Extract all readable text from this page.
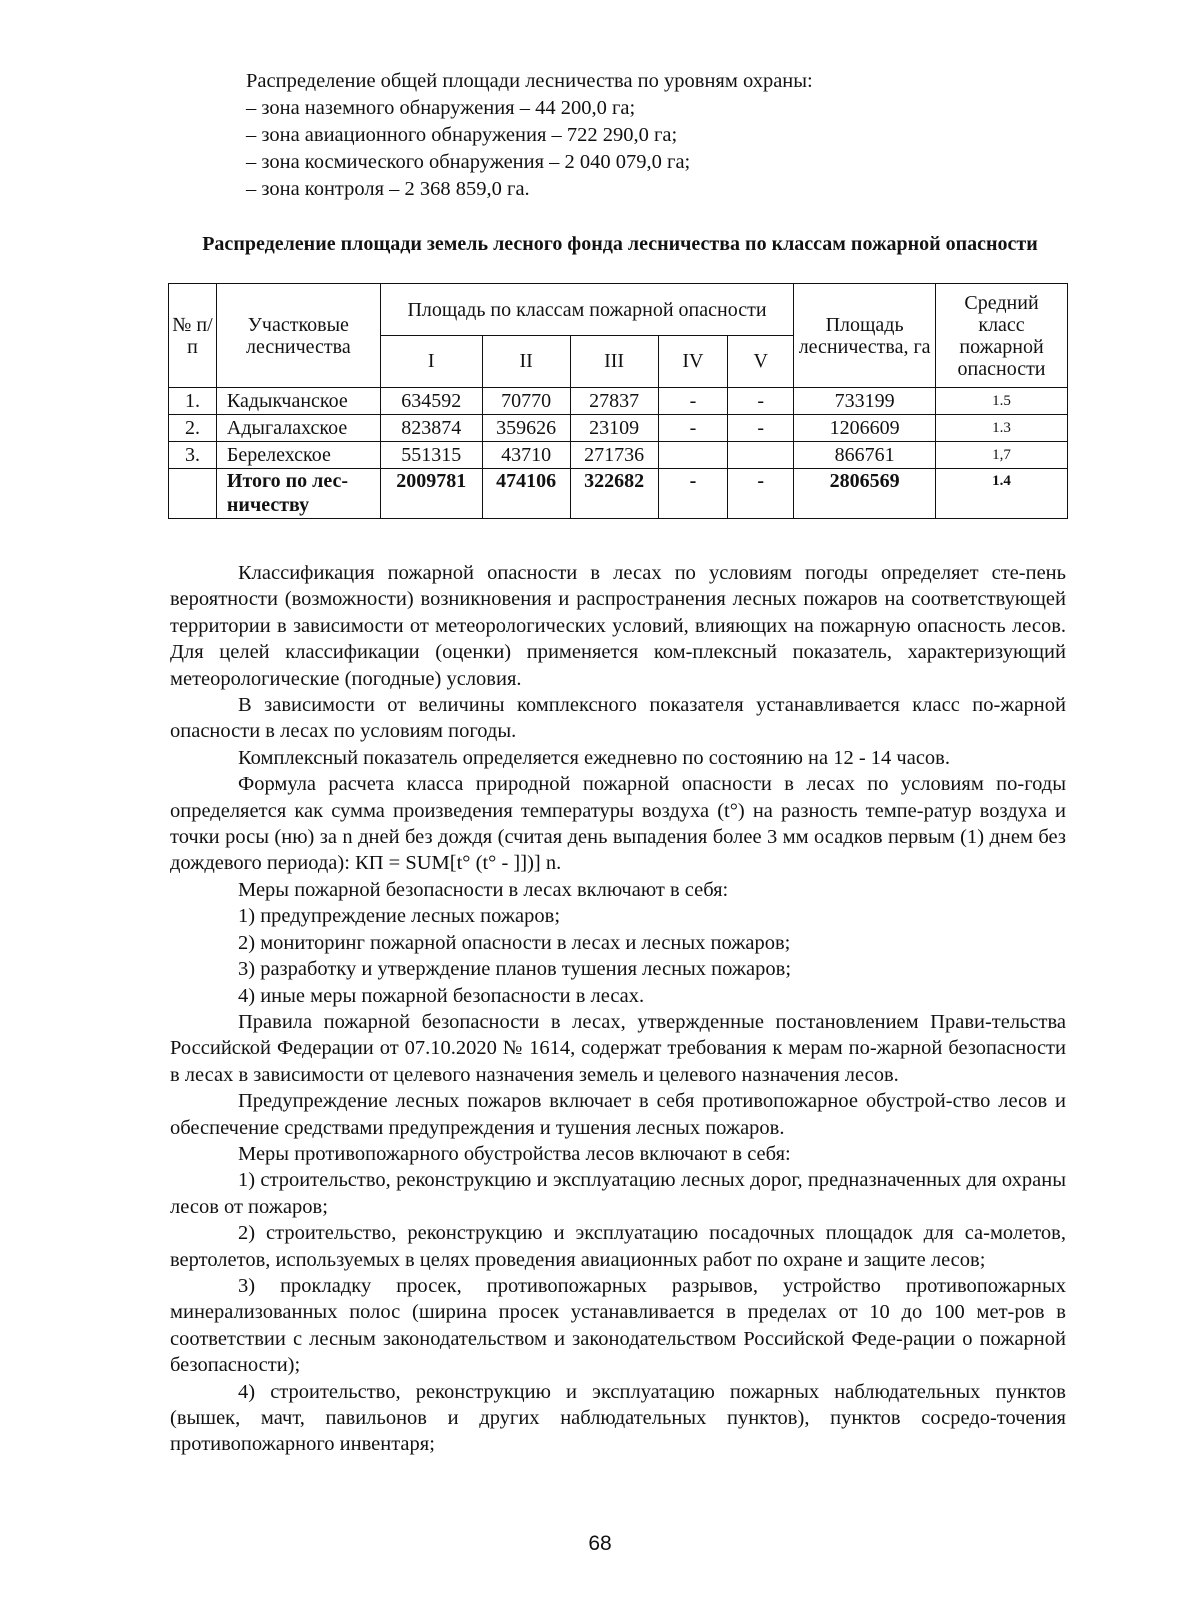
Распределение общей площади лесничества по уровням охраны:
– зона наземного обнаружения – 44 200,0 га;
– зона авиационного обнаружения – 722 290,0 га;
– зона космического обнаружения – 2 040 079,0 га;
– зона контроля – 2 368 859,0 га.
Распределение площади земель лесного фонда лесничества по классам пожарной опасности
№ п/п	Участковые лесничества	Площадь по классам пожарной опасности					Площадь лесничества, га	Средний класс пожарной опасности
		I	II	III	IV	V		
1.	Кадыкчанское	634592	70770	27837	-	-	733199	1.5
2.	Адыгалахское	823874	359626	23109	-	-	1206609	1.3
3.	Берелехское	551315	43710	271736			866761	1,7
	Итого по лес-ничеству	2009781	474106	322682	-	-	2806569	1.4

Классификация пожарной опасности в лесах по условиям погоды определяет сте-пень вероятности (возможности) возникновения и распространения лесных пожаров на соответствующей территории в зависимости от метеорологических условий, влияющих на пожарную опасность лесов. Для целей классификации (оценки) применяется ком-плексный показатель, характеризующий метеорологические (погодные) условия.

В зависимости от величины комплексного показателя устанавливается класс по-жарной опасности в лесах по условиям погоды.

Комплексный показатель определяется ежедневно по состоянию на 12 - 14 часов.

Формула расчета класса природной пожарной опасности в лесах по условиям по-годы определяется как сумма произведения температуры воздуха (t°) на разность темпе-ратур воздуха и точки росы (ню) за n дней без дождя (считая день выпадения более 3 мм осадков первым (1) днем без дождевого периода): КП = SUM[t° (t° - ]])] n.

Меры пожарной безопасности в лесах включают в себя:

1) предупреждение лесных пожаров;

2) мониторинг пожарной опасности в лесах и лесных пожаров;

3) разработку и утверждение планов тушения лесных пожаров;

4) иные меры пожарной безопасности в лесах.

Правила пожарной безопасности в лесах, утвержденные постановлением Прави-тельства Российской Федерации от 07.10.2020 № 1614, содержат требования к мерам по-жарной безопасности в лесах в зависимости от целевого назначения земель и целевого назначения лесов.

Предупреждение лесных пожаров включает в себя противопожарное обустрой-ство лесов и обеспечение средствами предупреждения и тушения лесных пожаров.

Меры противопожарного обустройства лесов включают в себя:

1) строительство, реконструкцию и эксплуатацию лесных дорог, предназначенных для охраны лесов от пожаров;

2) строительство, реконструкцию и эксплуатацию посадочных площадок для са-молетов, вертолетов, используемых в целях проведения авиационных работ по охране и защите лесов;

3) прокладку просек, противопожарных разрывов, устройство противопожарных минерализованных полос (ширина просек устанавливается в пределах от 10 до 100 мет-ров в соответствии с лесным законодательством и законодательством Российской Феде-рации о пожарной безопасности);

4) строительство, реконструкцию и эксплуатацию пожарных наблюдательных пунктов (вышек, мачт, павильонов и других наблюдательных пунктов), пунктов сосредо-точения противопожарного инвентаря;

68
